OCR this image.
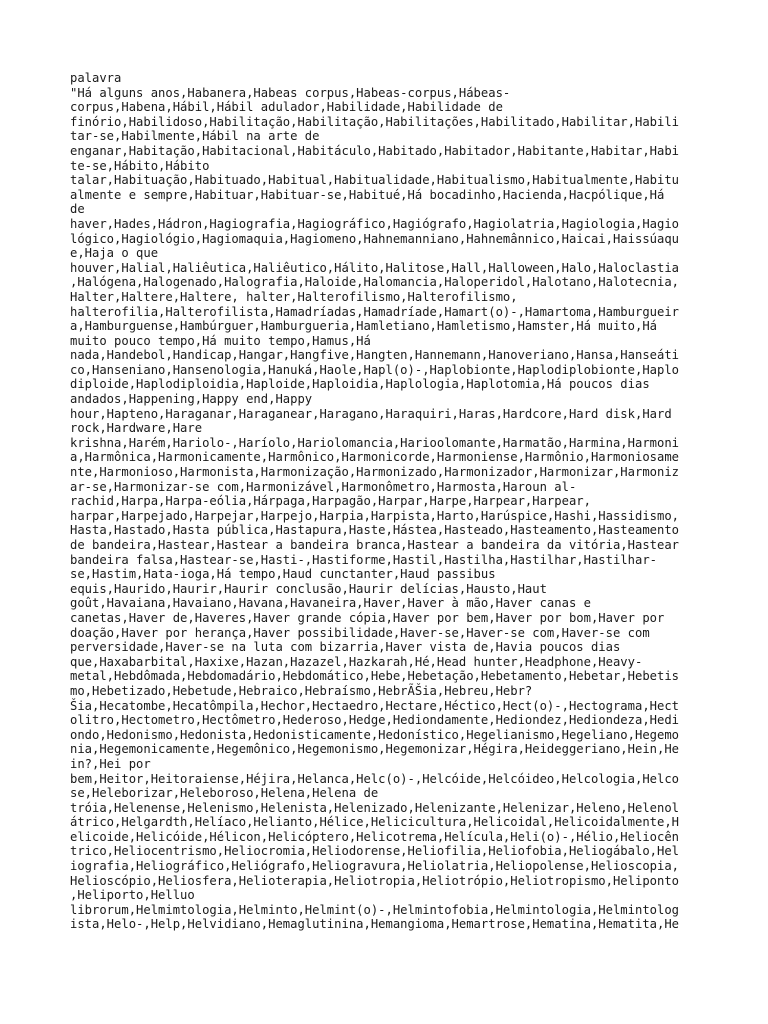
palavra
"Há alguns anos,Habanera,Habeas corpus,Habeas-corpus,Hábeas-
corpus,Habena,Hábil,Hábil adulador,Habilidade,Habilidade de
finório,Habilidoso,Habilitação,Habilitação,Habilitações,Habilitado,Habilitar,Habili
tar-se,Habilmente,Hábil na arte de
enganar,Habitação,Habitacional,Habitáculo,Habitado,Habitador,Habitante,Habitar,Habi
te-se,Hábito,Hábito
talar,Habituação,Habituado,Habitual,Habitualidade,Habitualismo,Habitualmente,Habitu
almente e sempre,Habituar,Habituar-se,Habitué,Há bocadinho,Hacienda,Hacpólique,Há
de
haver,Hades,Hádron,Hagiografia,Hagiográfico,Hagiógrafo,Hagiolatria,Hagiologia,Hagio
lógico,Hagiológio,Hagiomaquia,Hagiomeno,Hahnemanniano,Hahnemânnico,Haicai,Haissúaqu
e,Haja o que
houver,Halial,Haliêutica,Haliêutico,Hálito,Halitose,Hall,Halloween,Halo,Haloclastia
,Halógena,Halogenado,Halografia,Haloide,Halomancia,Haloperidol,Halotano,Halotecnia,
Halter,Haltere,Haltere, halter,Halterofilismo,Halterofilismo,
halterofilia,Halterofilista,Hamadríadas,Hamadríade,Hamart(o)-,Hamartoma,Hamburgueir
a,Hamburguense,Hambúrguer,Hamburgueria,Hamletiano,Hamletismo,Hamster,Há muito,Há
muito pouco tempo,Há muito tempo,Hamus,Há
nada,Handebol,Handicap,Hangar,Hangfive,Hangten,Hannemann,Hanoveriano,Hansa,Hanseáti
co,Hanseniano,Hansenologia,Hanuká,Haole,Hapl(o)-,Haplobionte,Haplodiplobionte,Haplo
diploide,Haplodiploidia,Haploide,Haploidia,Haplologia,Haplotomia,Há poucos dias
andados,Happening,Happy end,Happy
hour,Hapteno,Haraganar,Haraganear,Haragano,Haraquiri,Haras,Hardcore,Hard disk,Hard
rock,Hardware,Hare
krishna,Harém,Hariolo-,Haríolo,Hariolomancia,Harioolomante,Harmatão,Harmina,Harmoni
a,Harmônica,Harmonicamente,Harmônico,Harmonicorde,Harmoniense,Harmônio,Harmoniosame
nte,Harmonioso,Harmonista,Harmonização,Harmonizado,Harmonizador,Harmonizar,Harmoniz
ar-se,Harmonizar-se com,Harmonizável,Harmonômetro,Harmosta,Haroun al-
rachid,Harpa,Harpa-eólia,Hárpaga,Harpagão,Harpar,Harpe,Harpear,Harpear,
harpar,Harpejado,Harpejar,Harpejo,Harpia,Harpista,Harto,Harúspice,Hashi,Hassidismo,
Hasta,Hastado,Hasta pública,Hastapura,Haste,Hástea,Hasteado,Hasteamento,Hasteamento
de bandeira,Hastear,Hastear a bandeira branca,Hastear a bandeira da vitória,Hastear
bandeira falsa,Hastear-se,Hasti-,Hastiforme,Hastil,Hastilha,Hastilhar,Hastilhar-
se,Hastim,Hata-ioga,Há tempo,Haud cunctanter,Haud passibus
equis,Haurido,Haurir,Haurir conclusão,Haurir delícias,Hausto,Haut
goût,Havaiana,Havaiano,Havana,Havaneira,Haver,Haver à mão,Haver canas e
canetas,Haver de,Haveres,Haver grande cópia,Haver por bem,Haver por bom,Haver por
doação,Haver por herança,Haver possibilidade,Haver-se,Haver-se com,Haver-se com
perversidade,Haver-se na luta com bizarria,Haver vista de,Havia poucos dias
que,Haxabarbital,Haxixe,Hazan,Hazazel,Hazkarah,Hé,Head hunter,Headphone,Heavy-
metal,Hebdômada,Hebdomadário,Hebdomático,Hebe,Hebetação,Hebetamento,Hebetar,Hebetis
mo,Hebetizado,Hebetude,Hebraico,Hebraísmo,HebrÃŠia,Hebreu,Hebr?
Šia,Hecatombe,Hecatômpila,Hechor,Hectaedro,Hectare,Héctico,Hect(o)-,Hectograma,Hect
olitro,Hectometro,Hectômetro,Hederoso,Hedge,Hediondamente,Hediondez,Hediondeza,Hedi
ondo,Hedonismo,Hedonista,Hedonisticamente,Hedonístico,Hegelianismo,Hegeliano,Hegemo
nia,Hegemonicamente,Hegemônico,Hegemonismo,Hegemonizar,Hégira,Heideggeriano,Hein,He
in?,Hei por
bem,Heitor,Heitoraiense,Héjira,Helanca,Helc(o)-,Helcóide,Helcóideo,Helcologia,Helco
se,Heleborizar,Heleboroso,Helena,Helena de
tróia,Helenense,Helenismo,Helenista,Helenizado,Helenizante,Helenizar,Heleno,Helenol
átrico,Helgardth,Helíaco,Helianto,Hélice,Helicicultura,Helicoidal,Helicoidalmente,H
elicoide,Helicóide,Hélicon,Helicóptero,Helicotrema,Helícula,Heli(o)-,Hélio,Heliocên
trico,Heliocentrismo,Heliocromia,Heliodorense,Heliofilia,Heliofobia,Heliogábalo,Hel
iografia,Heliográfico,Heliógrafo,Heliogravura,Heliolatria,Heliopolense,Helioscopia,
Helioscópio,Heliosfera,Helioterapia,Heliotropia,Heliotrópio,Heliotropismo,Heliponto
,Heliporto,Helluo
librorum,Helmimtologia,Helminto,Helmint(o)-,Helmintofobia,Helmintologia,Helmintolog
ista,Helo-,Help,Helvidiano,Hemaglutinina,Hemangioma,Hemartrose,Hematina,Hematita,He
